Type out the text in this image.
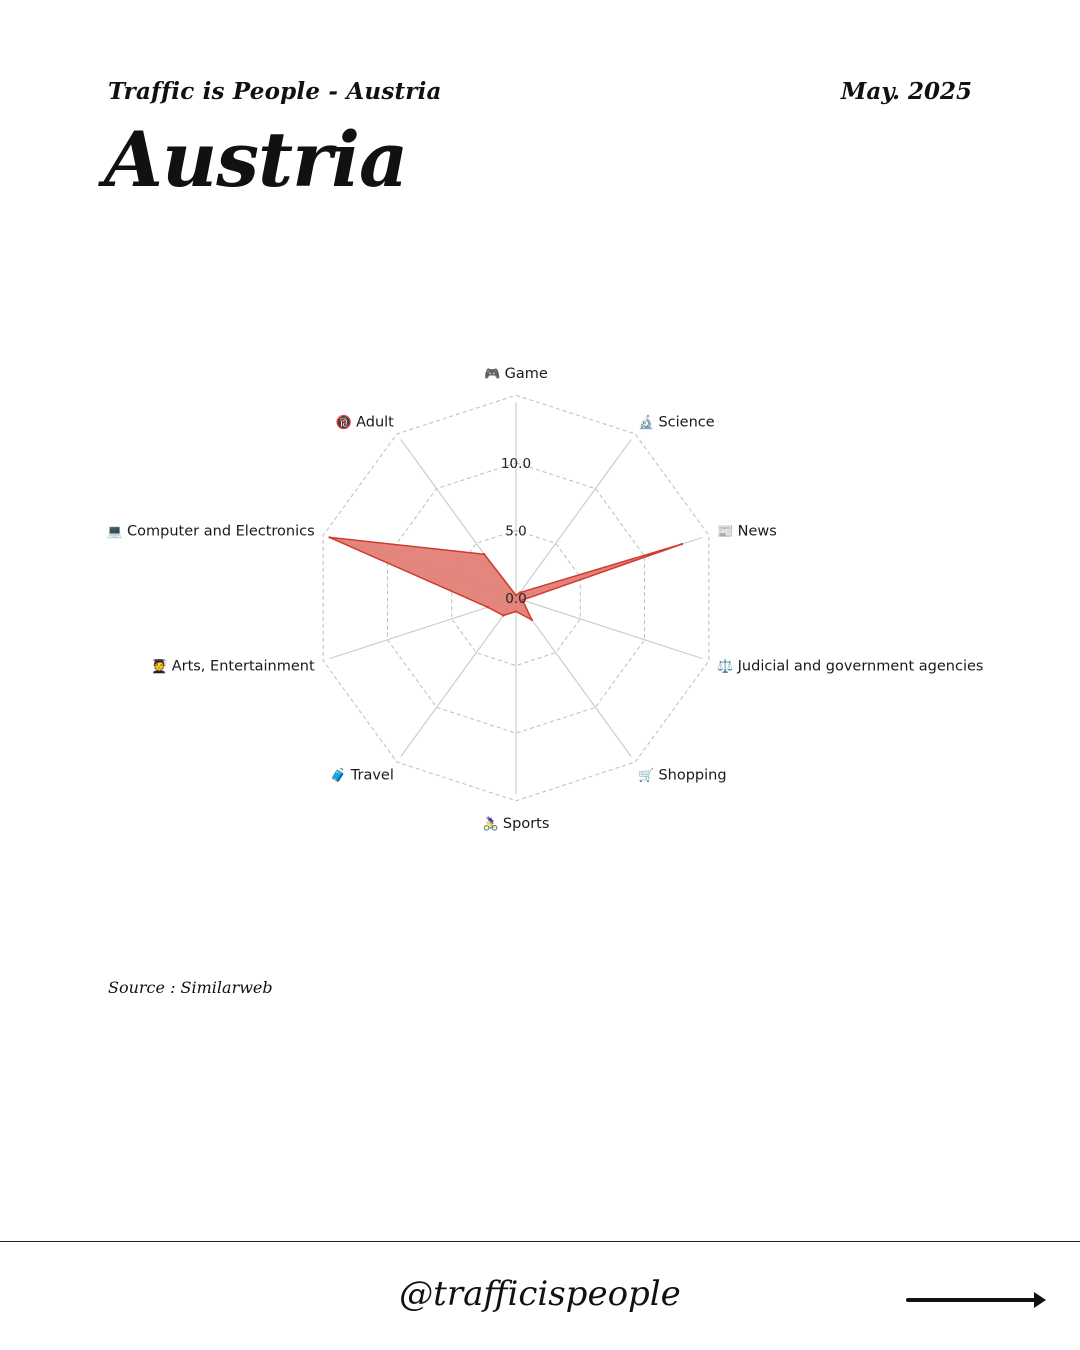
Traffic is People - Austria	May. 2025
Austria
0.0
5.0
10.0
🎮 Game
🔬 Science
📰 News
⚖️ Judicial and government agencies
🛒 Shopping
🚴‍♀️ Sports
🧳 Travel
🧑‍🎓 Arts, Entertainment
💻 Computer and Electronics
🔞 Adult
Source : Similarweb
@trafficispeople
